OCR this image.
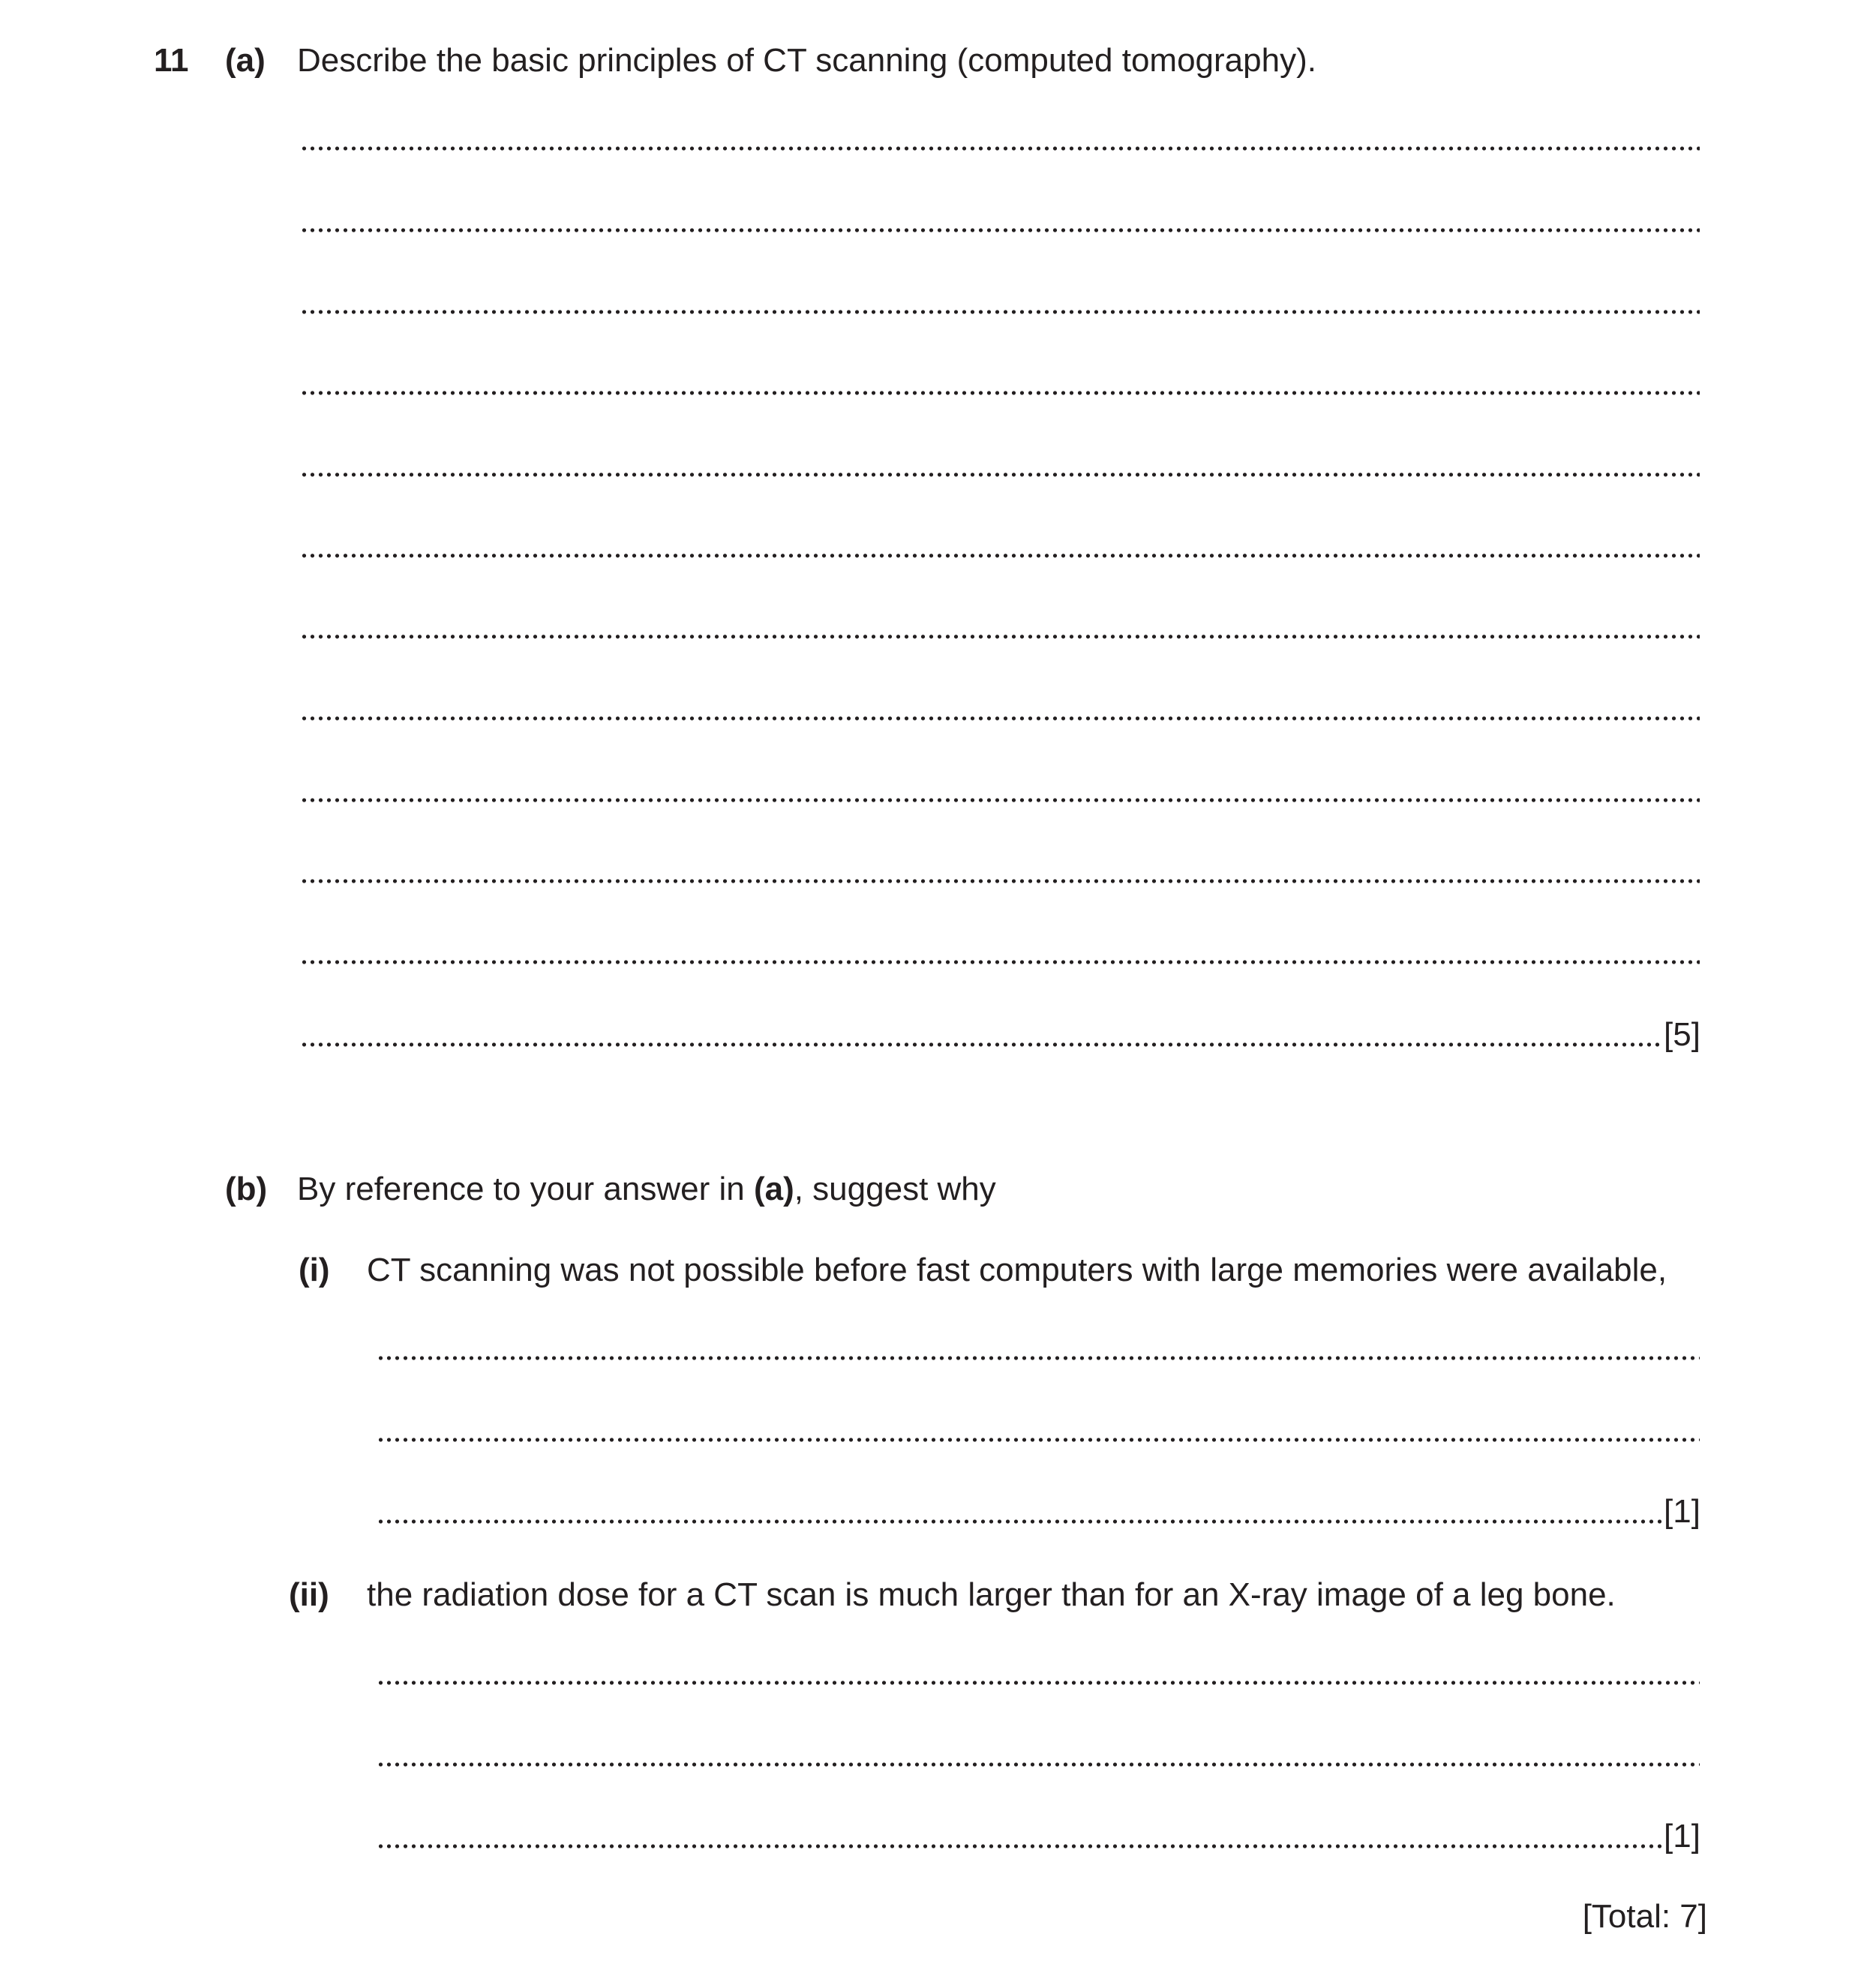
11 (a) Describe the basic principles of CT scanning (computed tomography).
[5]
(b) By reference to your answer in (a), suggest why
(i) CT scanning was not possible before fast computers with large memories were available,
[1]
(ii) the radiation dose for a CT scan is much larger than for an X-ray image of a leg bone.
[1]
[Total: 7]
